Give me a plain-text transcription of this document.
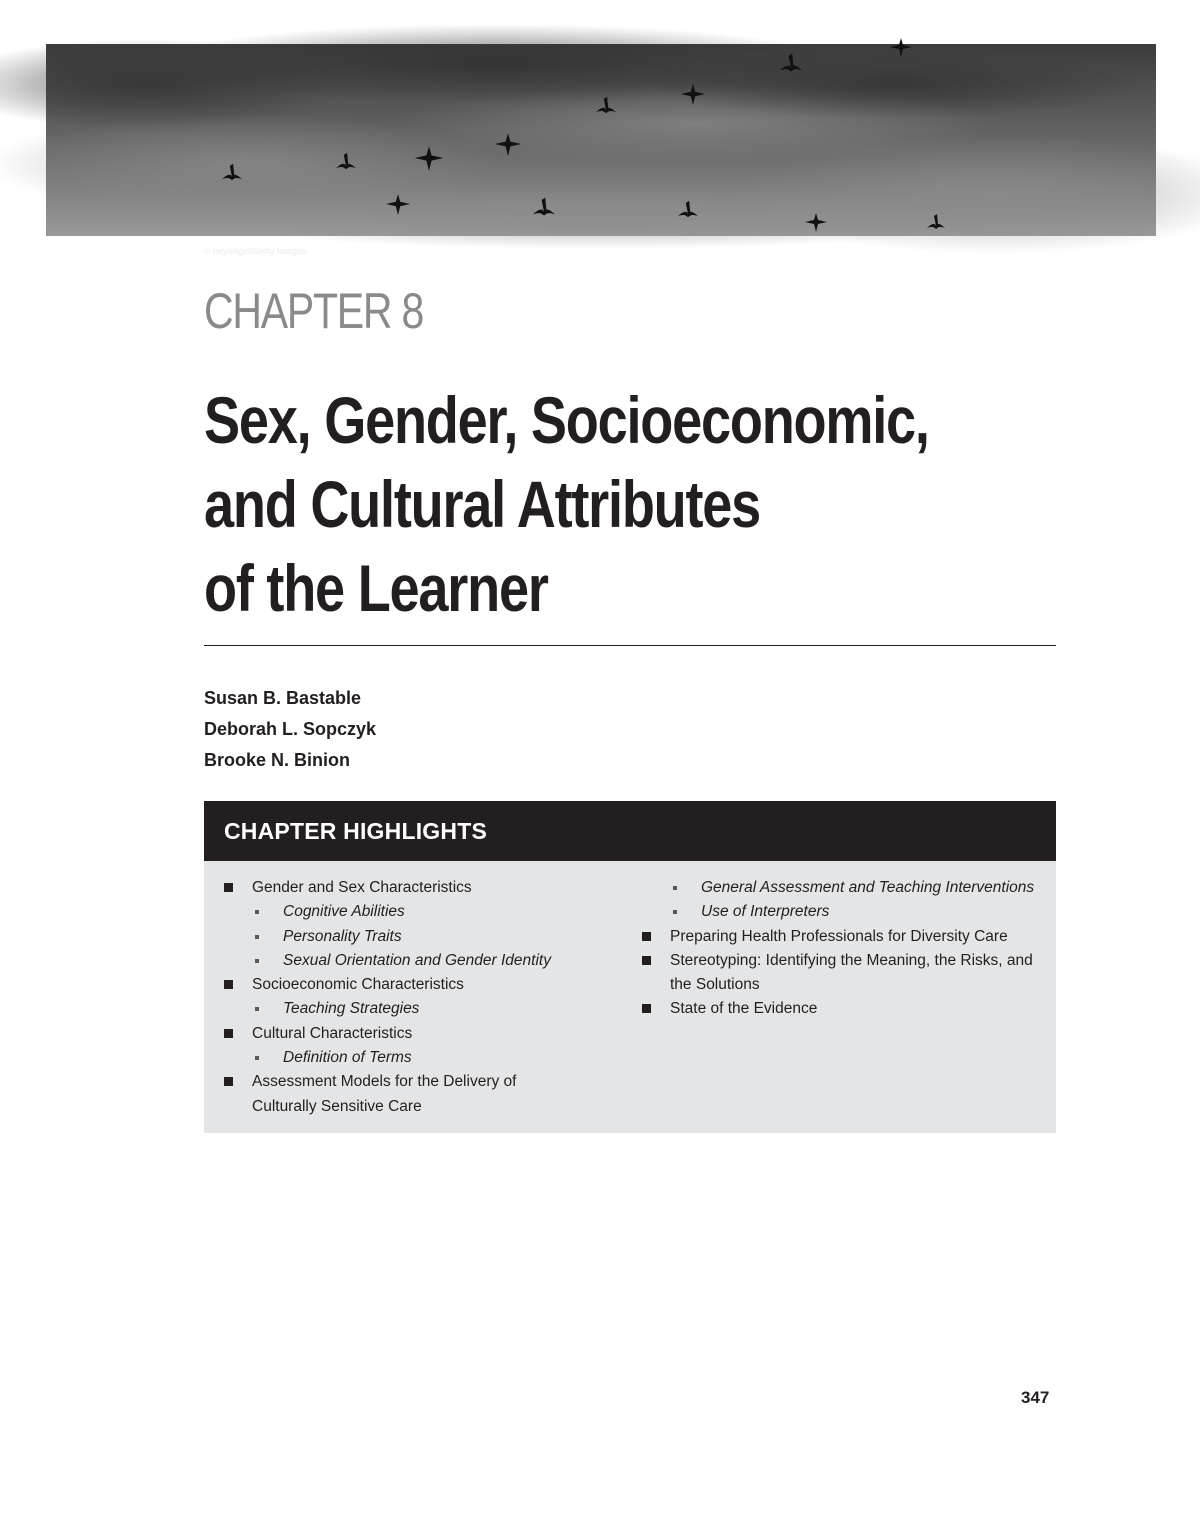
© heyengel/Getty Images.
CHAPTER 8
Sex, Gender, Socioeconomic,
and Cultural Attributes
of the Learner
Susan B. Bastable
Deborah L. Sopczyk
Brooke N. Binion
CHAPTER HIGHLIGHTS
Gender and Sex Characteristics
Cognitive Abilities
Personality Traits
Sexual Orientation and Gender Identity
Socioeconomic Characteristics
Teaching Strategies
Cultural Characteristics
Definition of Terms
Assessment Models for the Delivery of Culturally Sensitive Care
General Assessment and Teaching Interventions
Use of Interpreters
Preparing Health Professionals for Diversity Care
Stereotyping: Identifying the Meaning, the Risks, and the Solutions
State of the Evidence
347
